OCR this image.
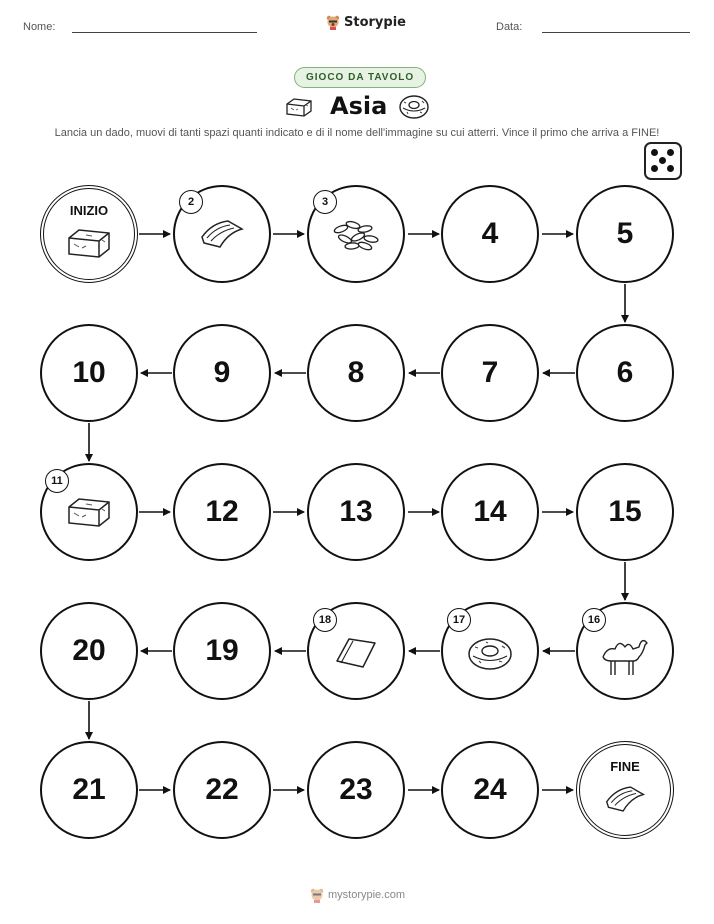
Nome:	Storypie	Data:
GIOCO DA TAVOLO
Asia
Lancia un dado, muovi di tanti spazi quanti indicato e di il nome dell'immagine su cui atterri. Vince il primo che arriva a FINE!
INIZIO
2	3
4	5
6
7
8
9
10
11
12	13	14	15
16
17
18
19
20
21	22	23	24
FINE
mystorypie.com
